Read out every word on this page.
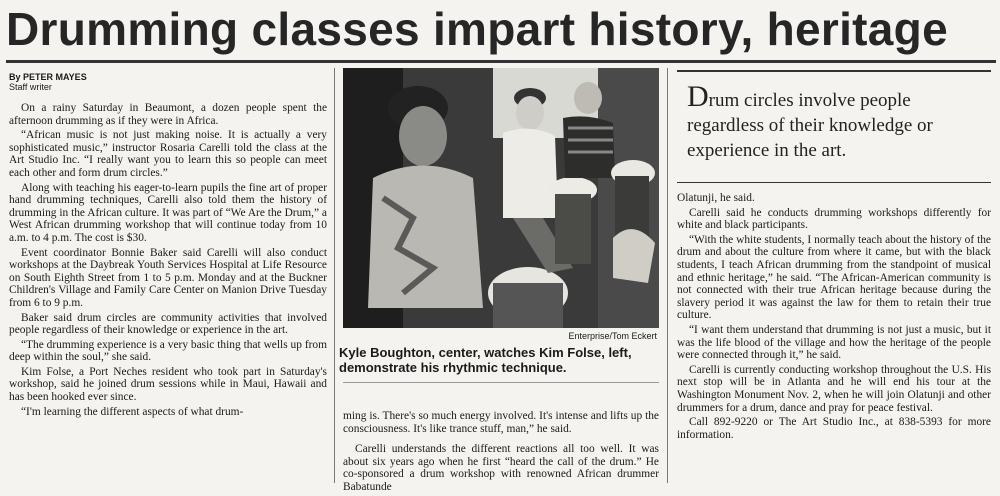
Drumming classes impart history, heritage
By PETER MAYES
Staff writer

On a rainy Saturday in Beaumont, a dozen people spent the afternoon drumming as if they were in Africa.

“African music is not just making noise. It is actually a very sophisticated music,” instructor Rosaria Carelli told the class at the Art Studio Inc. “I really want you to learn this so people can meet each other and form drum circles.”

Along with teaching his eager-to-learn pupils the fine art of proper hand drumming techniques, Carelli also told them the history of drumming in the African culture. It was part of “We Are the Drum,” a West African drumming workshop that will continue today from 10 a.m. to 4 p.m. The cost is $30.

Event coordinator Bonnie Baker said Carelli will also conduct workshops at the Daybreak Youth Services Hospital at Life Resource on South Eighth Street from 1 to 5 p.m. Monday and at the Buckner Children's Village and Family Care Center on Manion Drive Tuesday from 6 to 9 p.m.

Baker said drum circles are community activities that involved people regardless of their knowledge or experience in the art.

“The drumming experience is a very basic thing that wells up from deep within the soul,” she said.

Kim Folse, a Port Neches resident who took part in Saturday's workshop, said he joined drum sessions while in Maui, Hawaii and has been hooked ever since.

“I'm learning the different aspects of what drum-

Enterprise/Tom Eckert
Kyle Boughton, center, watches Kim Folse, left, demonstrate his rhythmic technique.

ming is. There's so much energy involved. It's intense and lifts up the consciousness. It's like trance stuff, man,” he said.

Carelli understands the different reactions all too well. It was about six years ago when he first “heard the call of the drum.” He co-sponsored a drum workshop with renowned African drummer Babatunde

Drum circles involve people regardless of their knowledge or experience in the art.

Olatunji, he said.

Carelli said he conducts drumming workshops differently for white and black participants.

“With the white students, I normally teach about the history of the drum and about the culture from where it came, but with the black students, I teach African drumming from the standpoint of musical and ethnic heritage,” he said. “The African-American community is not connected with their true African heritage because during the slavery period it was against the law for them to retain their true culture.

“I want them understand that drumming is not just a music, but it was the life blood of the village and how the heritage of the people were connected through it,” he said.

Carelli is currently conducting workshop throughout the U.S. His next stop will be in Atlanta and he will end his tour at the Washington Monument Nov. 2, when he will join Olatunji and other drummers for a drum, dance and pray for peace festival.

Call 892-9220 or The Art Studio Inc., at 838-5393 for more information.
